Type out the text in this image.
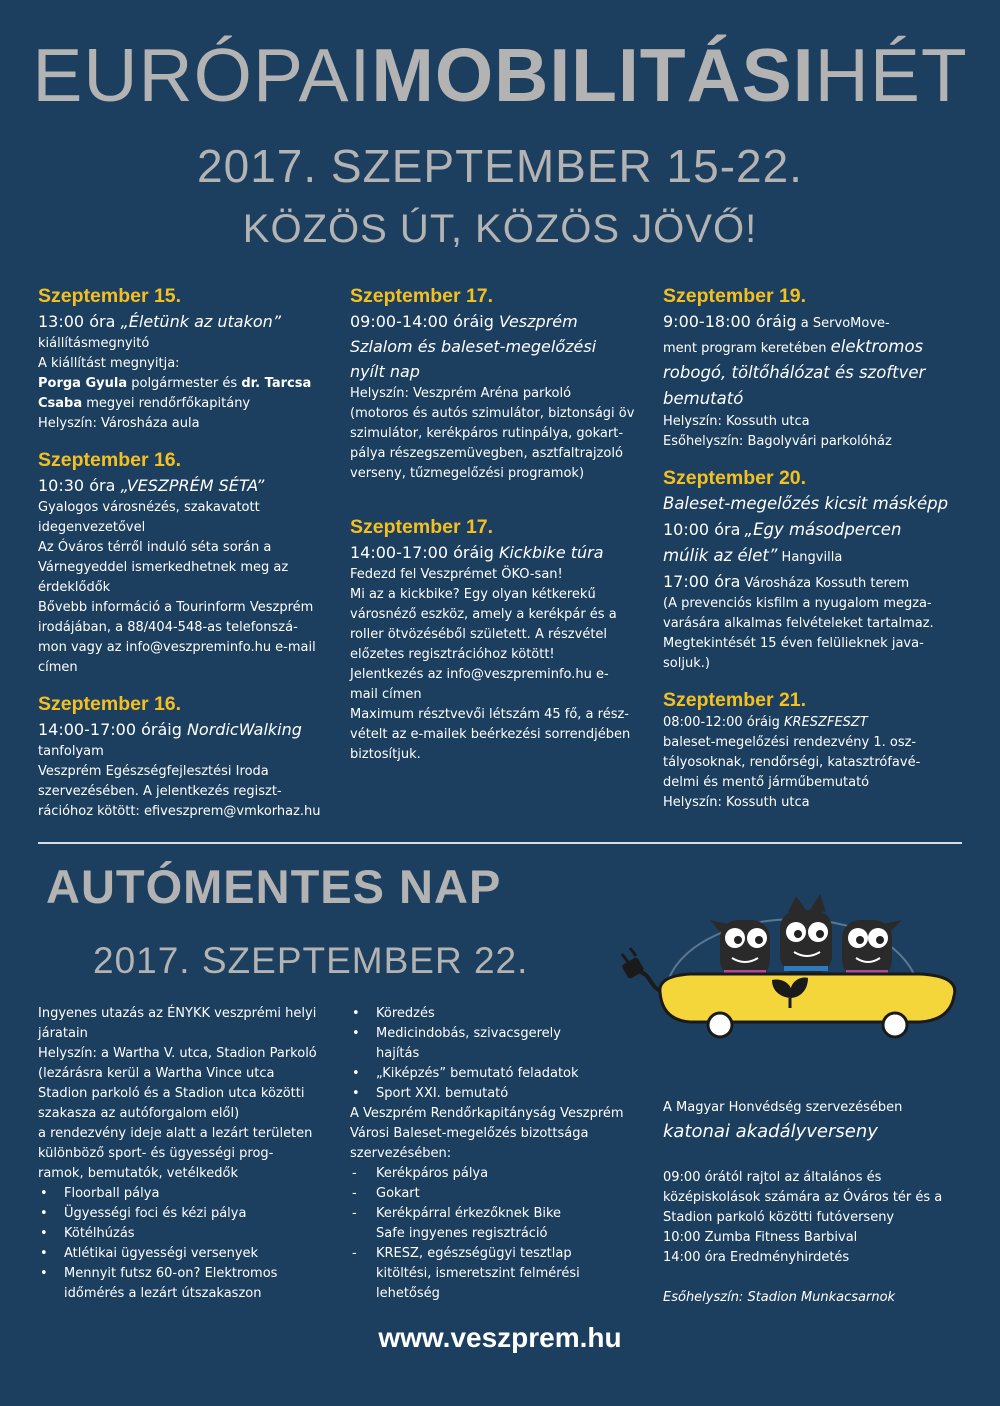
EURÓPAIMOBILITÁSIHÉT
2017. SZEPTEMBER 15-22.
KÖZÖS ÚT, KÖZÖS JÖVŐ!
Szeptember 15.

13:00 óra „Életünk az utakon”

kiállításmegnyitó

A kiállítást megnyitja:

Porga Gyula polgármester és dr. Tarcsa

Csaba megyei rendőrfőkapitány

Helyszín: Városháza aula

Szeptember 16.

10:30 óra „VESZPRÉM SÉTA”

Gyalogos városnézés, szakavatott

idegenvezetővel

Az Óváros térről induló séta során a

Várnegyeddel ismerkedhetnek meg az

érdeklődők

Bővebb információ a Tourinform Veszprém

irodájában, a 88/404-548-as telefonszá-

mon vagy az info@veszpreminfo.hu e-mail

címen

Szeptember 16.

14:00-17:00 óráig NordicWalking

tanfolyam

Veszprém Egészségfejlesztési Iroda

szervezésében. A jelentkezés regiszt-

rációhoz kötött: efiveszprem@vmkorhaz.hu

Szeptember 17.

09:00-14:00 óráig Veszprém

Szlalom és baleset-megelőzési

nyílt nap

Helyszín: Veszprém Aréna parkoló

(motoros és autós szimulátor, biztonsági öv

szimulátor, kerékpáros rutinpálya, gokart-

pálya részegszemüvegben, asztfaltrajzoló

verseny, tűzmegelőzési programok)

Szeptember 17.

14:00-17:00 óráig Kickbike túra

Fedezd fel Veszprémet ÖKO-san!

Mi az a kickbike? Egy olyan kétkerekű

városnéző eszköz, amely a kerékpár és a

roller ötvözéséből született. A részvétel

előzetes regisztrációhoz kötött!

Jelentkezés az info@veszpreminfo.hu e-

mail címen

Maximum résztvevői létszám 45 fő, a rész-

vételt az e-mailek beérkezési sorrendjében

biztosítjuk.

Szeptember 19.

9:00-18:00 óráig a ServoMove-

ment program keretében elektromos

robogó, töltőhálózat és szoftver

bemutató

Helyszín: Kossuth utca

Esőhelyszín: Bagolyvári parkolóház

Szeptember 20.

Baleset-megelőzés kicsit másképp

10:00 óra „Egy másodpercen

múlik az élet” Hangvilla

17:00 óra Városháza Kossuth terem

(A prevenciós kisfilm a nyugalom megza-

varására alkalmas felvételeket tartalmaz.

Megtekintését 15 éven felülieknek java-

soljuk.)

Szeptember 21.

08:00-12:00 óráig KRESZFESZT

baleset-megelőzési rendezvény 1. osz-

tályosoknak, rendőrségi, katasztrófavé-

delmi és mentő járműbemutató

Helyszín: Kossuth utca

AUTÓMENTES NAP
2017. SZEPTEMBER 22.

Ingyenes utazás az ÉNYKK veszprémi helyi

járatain

Helyszín: a Wartha V. utca, Stadion Parkoló

(lezárásra kerül a Wartha Vince utca

Stadion parkoló és a Stadion utca közötti

szakasza az autóforgalom elől)

a rendezvény ideje alatt a lezárt területen

különböző sport- és ügyességi prog-

ramok, bemutatók, vetélkedők

• Floorball pálya
• Ügyességi foci és kézi pálya
• Kötélhúzás
• Atlétikai ügyességi versenyek
• Mennyit futsz 60-on? Elektromos
időmérés a lezárt útszakaszon
• Köredzés
• Medicindobás, szivacsgerely
hajítás
• „Kiképzés” bemutató feladatok
• Sport XXI. bemutató

A Veszprém Rendőrkapitányság Veszprém

Városi Baleset-megelőzés bizottsága

szervezésében:

- Kerékpáros pálya
- Gokart
- Kerékpárral érkezőknek Bike
Safe ingyenes regisztráció
- KRESZ, egészségügyi tesztlap
kitöltési, ismeretszint felmérési
lehetőség

A Magyar Honvédség szervezésében

katonai akadályverseny

09:00 órától rajtol az általános és

középiskolások számára az Óváros tér és a

Stadion parkoló közötti futóverseny

10:00 Zumba Fitness Barbival

14:00 óra Eredményhirdetés

Esőhelyszín: Stadion Munkacsarnok

www.veszprem.hu
